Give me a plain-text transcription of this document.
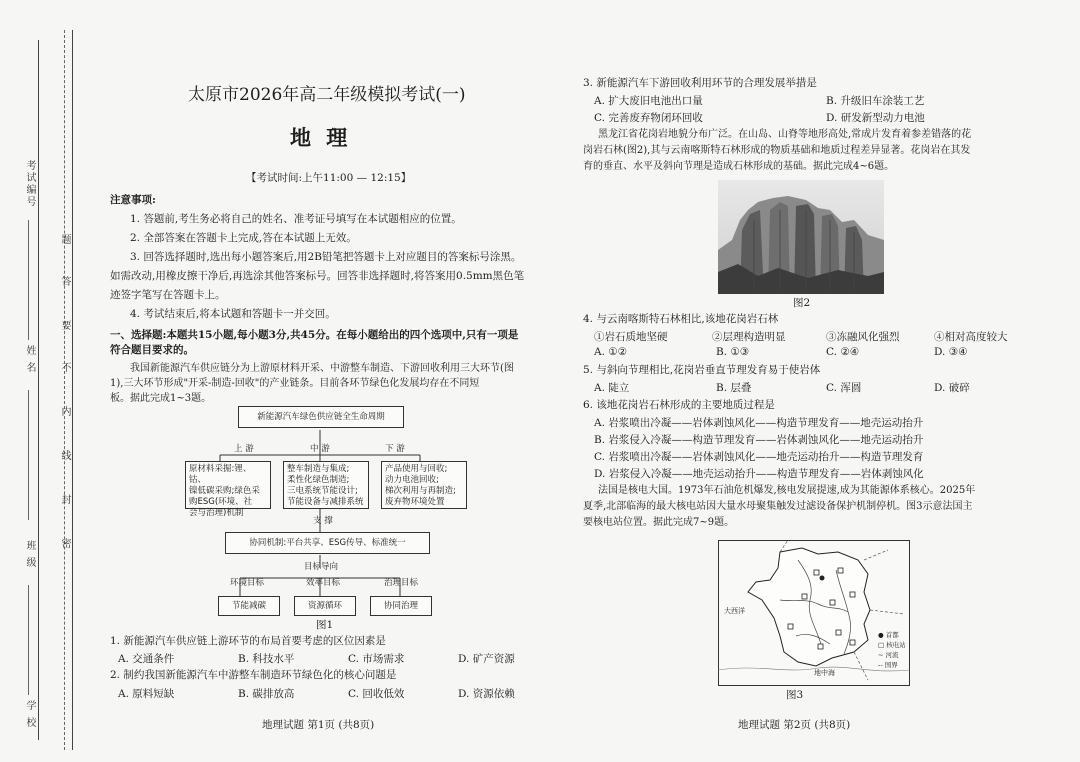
考试编号
姓 名
班 级
学 校
题
答
要
不
内
线
封
密
太原市2026年高二年级模拟考试(一)
地 理
【考试时间:上午11:00 — 12:15】
注意事项:
1. 答题前,考生务必将自己的姓名、准考证号填写在本试题相应的位置。
2. 全部答案在答题卡上完成,答在本试题上无效。
3. 回答选择题时,选出每小题答案后,用2B铅笔把答题卡上对应题目的答案标号涂黑。
如需改动,用橡皮擦干净后,再选涂其他答案标号。回答非选择题时,将答案用0.5mm黑色笔
迹签字笔写在答题卡上。
4. 考试结束后,将本试题和答题卡一并交回。
一、选择题:本题共15小题,每小题3分,共45分。在每小题给出的四个选项中,只有一项是
符合题目要求的。
我国新能源汽车供应链分为上游原材料开采、中游整车制造、下游回收利用三大环节(图
1),三大环节形成"开采-制造-回收"的产业链条。目前各环节绿色化发展均存在不同短
板。据此完成1~3题。
新能源汽车绿色供应链全生命周期
上 游	中 游	下 游
原材料采掘:锂、钴、
镍低碳采购;绿色采
购ESG(环境、社
会与治理)机制
整车制造与集成;
柔性化绿色制造;
三电系统节能设计;
节能设备与减排系统
产品使用与回收;
动力电池回收;
梯次利用与再制造;
废弃物环境处置
支 撑
协同机制:平台共享、ESG传导、标准统一
目标导向
环境目标	效率目标	治理目标
节能减碳	资源循环	协同治理
图1
1. 新能源汽车供应链上游环节的布局首要考虑的区位因素是
A. 交通条件	B. 科技水平	C. 市场需求	D. 矿产资源
2. 制约我国新能源汽车中游整车制造环节绿色化的核心问题是
A. 原料短缺	B. 碳排放高	C. 回收低效	D. 资源依赖
地理试题 第1页 (共8页)
3. 新能源汽车下游回收利用环节的合理发展举措是
A. 扩大废旧电池出口量	B. 升级旧车涂装工艺
C. 完善废弃物闭环回收	D. 研发新型动力电池
黑龙江省花岗岩地貌分布广泛。在山岛、山脊等地形高处,常成片发育着参差错落的花
岗岩石林(图2),其与云南喀斯特石林形成的物质基础和地质过程差异显著。花岗岩在其发
育的垂直、水平及斜向节理是造成石林形成的基础。据此完成4~6题。
图2
4. 与云南喀斯特石林相比,该地花岗岩石林
①岩石质地坚硬	②层理构造明显	③冻融风化强烈	④相对高度较大
A. ①②	B. ①③	C. ②④	D. ③④
5. 与斜向节理相比,花岗岩垂直节理发育易于使岩体
A. 陡立	B. 层叠	C. 浑圆	D. 破碎
6. 该地花岗岩石林形成的主要地质过程是
A. 岩浆喷出冷凝——岩体剥蚀风化——构造节理发育——地壳运动抬升
B. 岩浆侵入冷凝——构造节理发育——岩体剥蚀风化——地壳运动抬升
C. 岩浆喷出冷凝——岩体剥蚀风化——地壳运动抬升——构造节理发育
D. 岩浆侵入冷凝——地壳运动抬升——构造节理发育——岩体剥蚀风化
法国是核电大国。1973年石油危机爆发,核电发展提速,成为其能源体系核心。2025年
夏季,北部临海的最大核电站因大量水母聚集触发过滤设备保护机制停机。图3示意法国主
要核电站位置。据此完成7~9题。
大西洋
地中海
● 首都
□ 核电站
~ 河流
-- 国界
图3
地理试题 第2页 (共8页)
